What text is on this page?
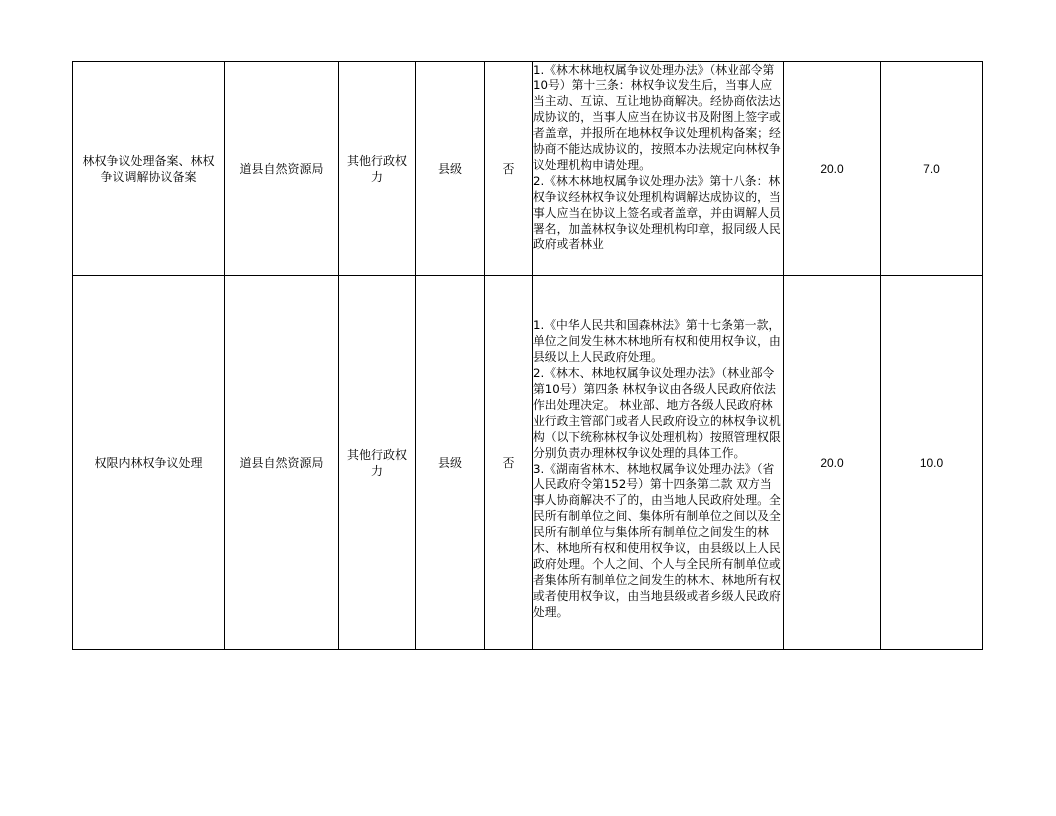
林权争议处理备案、林权争议调解协议备案	道县自然资源局	其他行政权力	县级	否	1.《林木林地权属争议处理办法》（林业部令第10号）第十三条：林权争议发生后，当事人应当主动、互谅、互让地协商解决。经协商依法达成协议的，当事人应当在协议书及附图上签字或者盖章，并报所在地林权争议处理机构备案；经协商不能达成协议的，按照本办法规定向林权争议处理机构申请处理。
2.《林木林地权属争议处理办法》第十八条：林权争议经林权争议处理机构调解达成协议的，当事人应当在协议上签名或者盖章，并由调解人员署名，加盖林权争议处理机构印章，报同级人民政府或者林业	20.0	7.0

权限内林权争议处理	道县自然资源局	其他行政权力	县级	否	1.《中华人民共和国森林法》第十七条第一款，单位之间发生林木林地所有权和使用权争议，由县级以上人民政府处理。
2.《林木、林地权属争议处理办法》（林业部令第10号）第四条 林权争议由各级人民政府依法作出处理决定。 林业部、地方各级人民政府林业行政主管部门或者人民政府设立的林权争议机构（以下统称林权争议处理机构）按照管理权限分别负责办理林权争议处理的具体工作。
3.《湖南省林木、林地权属争议处理办法》（省人民政府令第152号）第十四条第二款 双方当事人协商解决不了的，由当地人民政府处理。全民所有制单位之间、集体所有制单位之间以及全民所有制单位与集体所有制单位之间发生的林木、林地所有权和使用权争议，由县级以上人民政府处理。个人之间、个人与全民所有制单位或者集体所有制单位之间发生的林木、林地所有权或者使用权争议，由当地县级或者乡级人民政府处理。	20.0	10.0
